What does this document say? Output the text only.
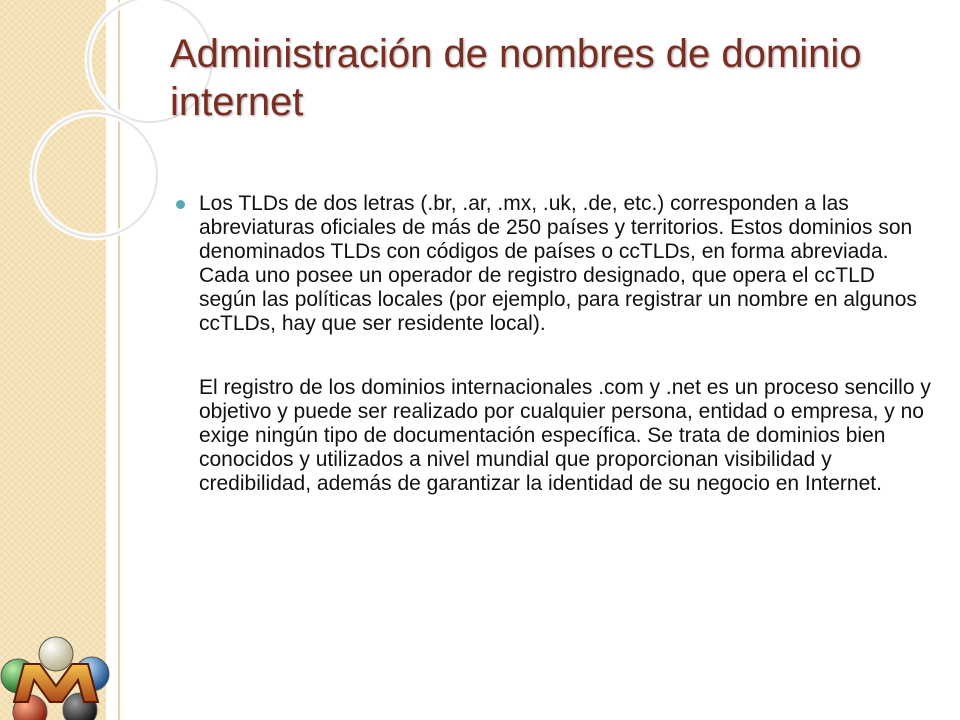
Administración de nombres de dominio internet

Los TLDs de dos letras (.br, .ar, .mx, .uk, .de, etc.) corresponden a las abreviaturas oficiales de más de 250 países y territorios. Estos dominios son denominados TLDs con códigos de países o ccTLDs, en forma abreviada. Cada uno posee un operador de registro designado, que opera el ccTLD según las políticas locales (por ejemplo, para registrar un nombre en algunos ccTLDs, hay que ser residente local).

El registro de los dominios internacionales .com y .net es un proceso sencillo y objetivo y puede ser realizado por cualquier persona, entidad o empresa, y no exige ningún tipo de documentación específica. Se trata de dominios bien conocidos y utilizados a nivel mundial que proporcionan visibilidad y credibilidad, además de garantizar la identidad de su negocio en Internet.
